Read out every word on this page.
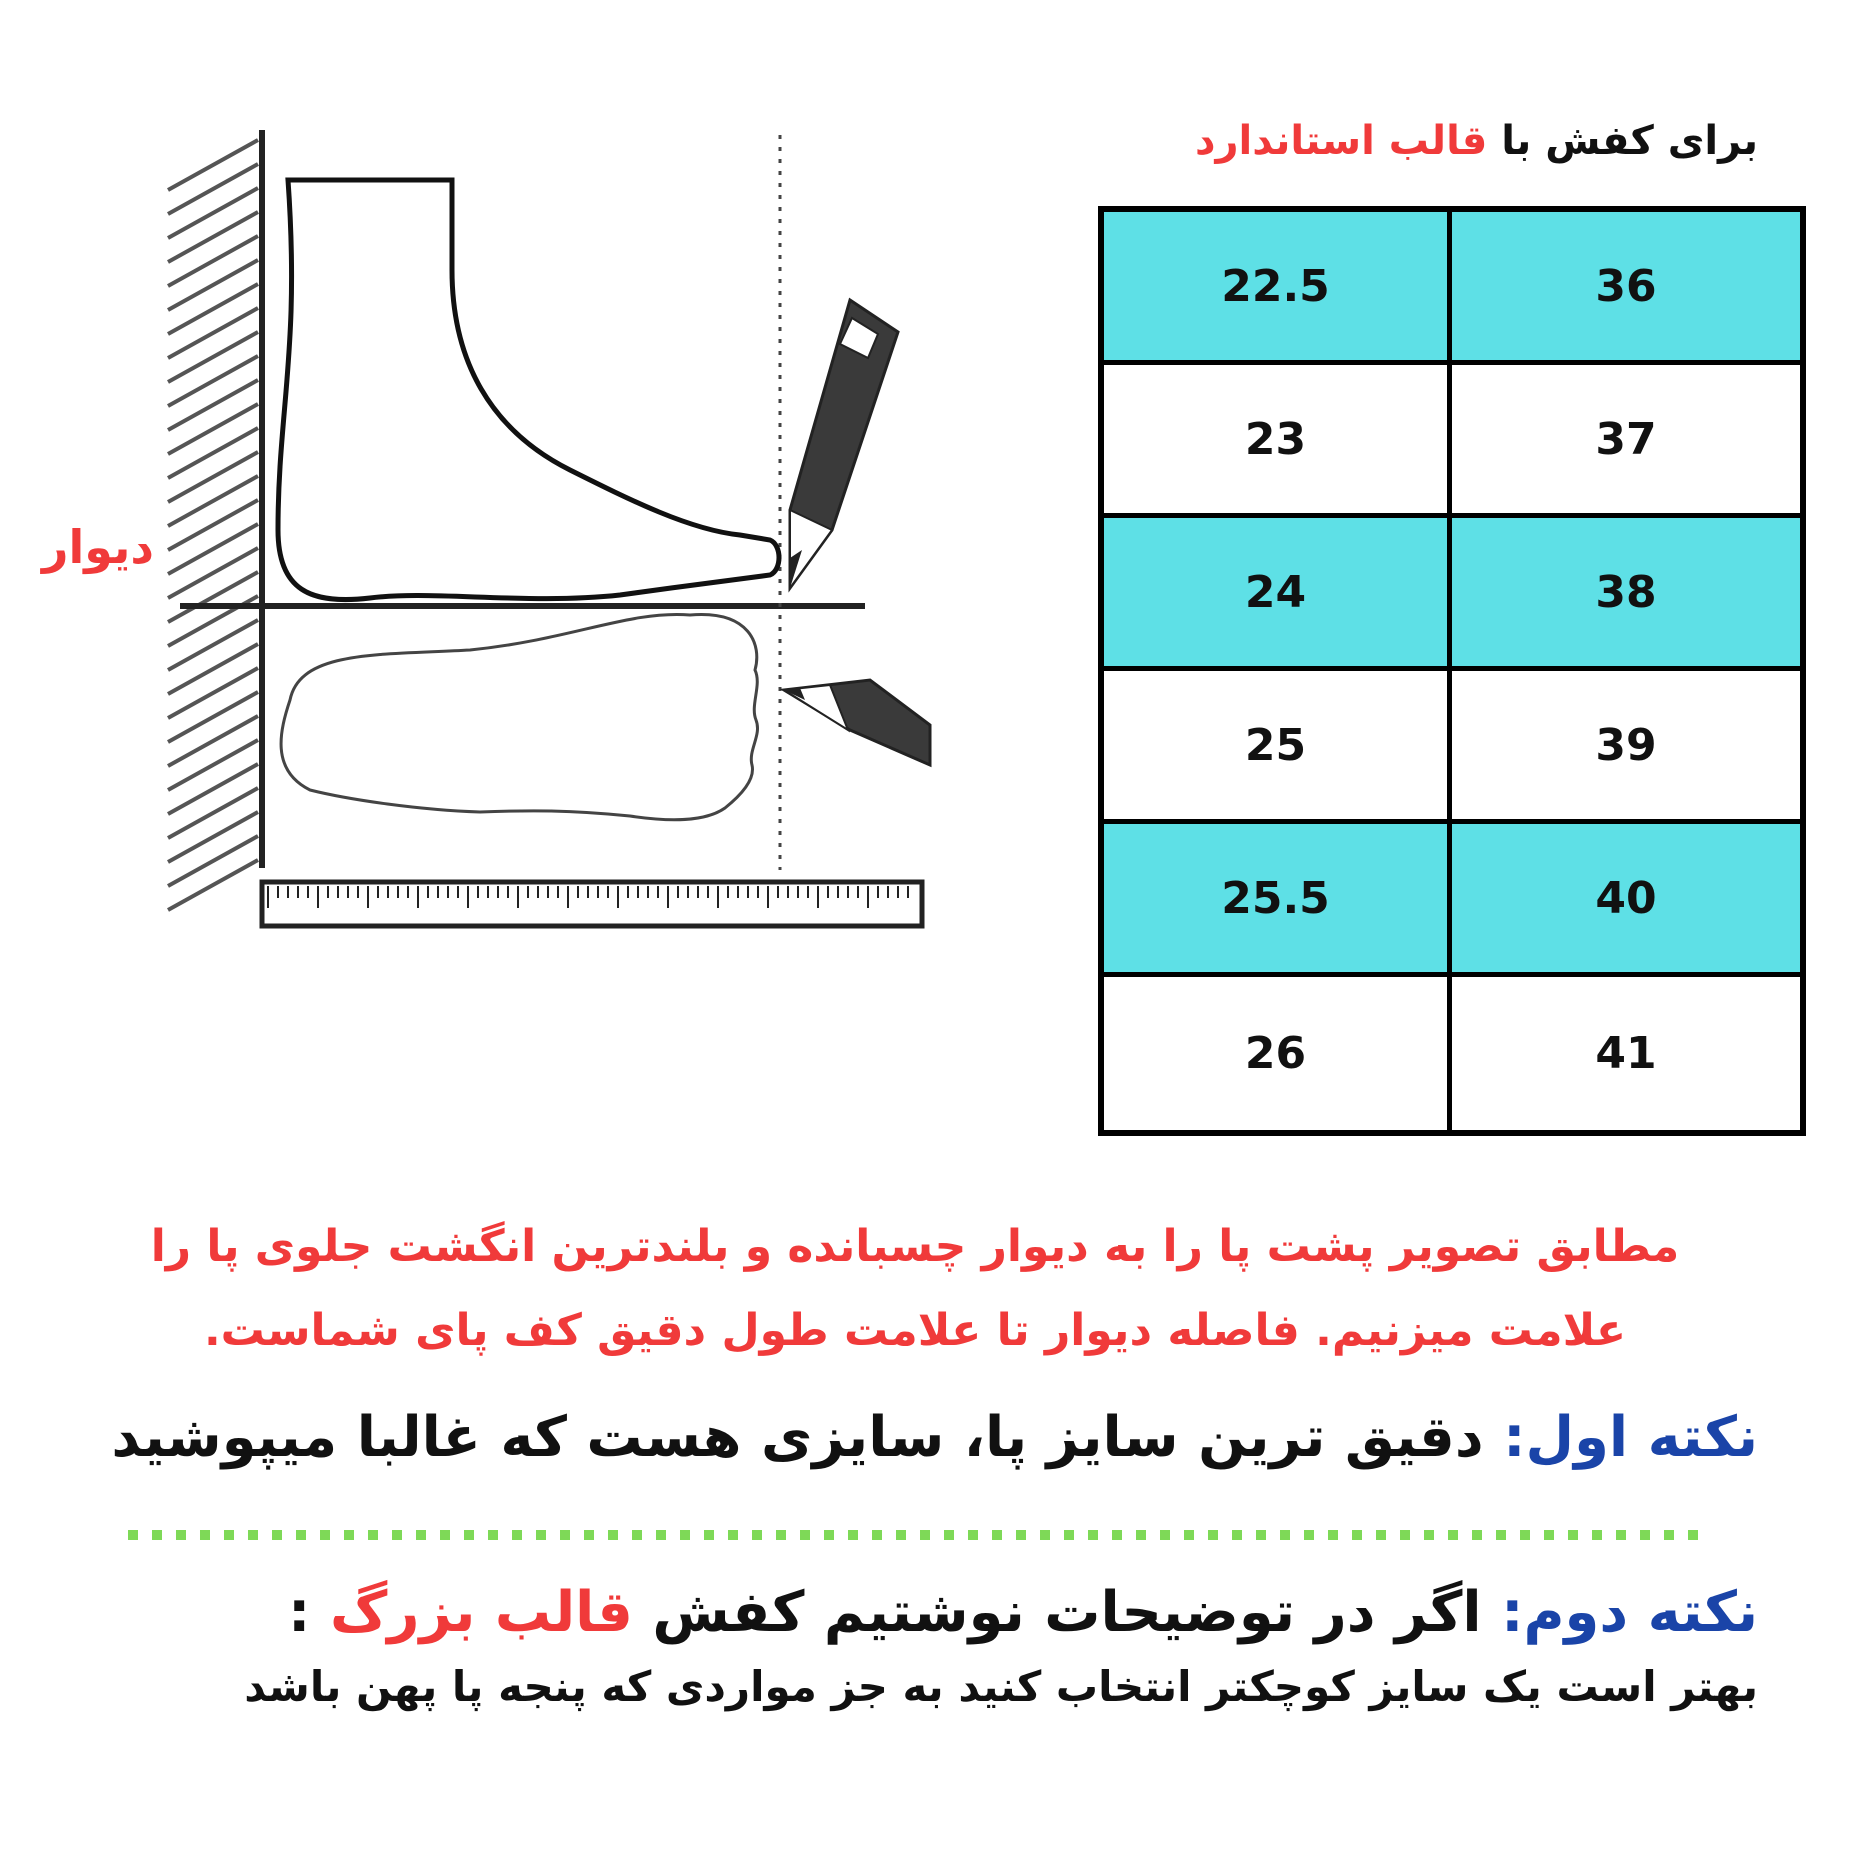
دیوار
برای کفش با قالب استاندارد
22.5	36
23	37
24	38
25	39
25.5	40
26	41
مطابق تصویر پشت پا را به دیوار چسبانده و بلندترین انگشت جلوی پا را
علامت میزنیم. فاصله دیوار تا علامت طول دقیق کف پای شماست.
نکته اول: دقیق ترین سایز پا، سایزی هست که غالبا میپوشید
نکته دوم: اگر در توضیحات نوشتیم کفش قالب بزرگ :
بهتر است یک سایز کوچکتر انتخاب کنید به جز مواردی که پنجه پا پهن باشد
